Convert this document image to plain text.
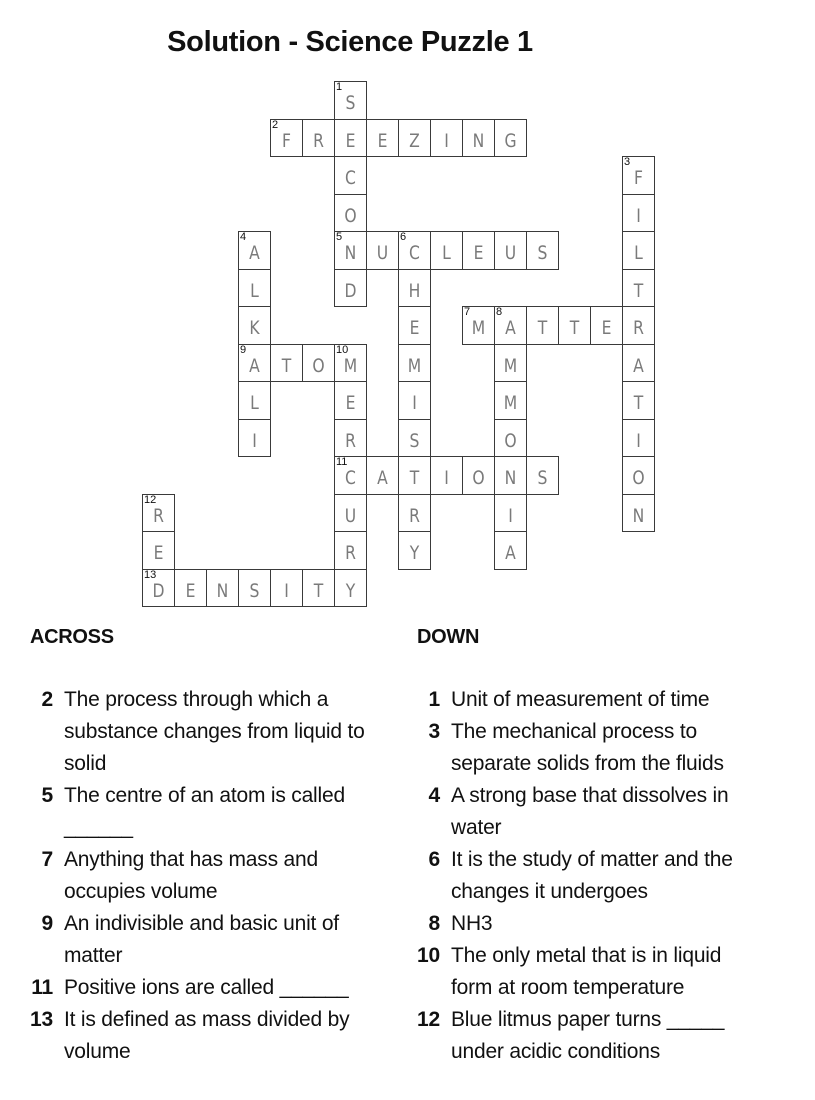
Solution - Science Puzzle 1
1
S
E
C
O
5
N
D
2
F	R	E	Z	I	N	G
3
F
I
L
T
R
A
T
I
O
N
4
A
L
K
9
A
L
I
U
6
C	L	E	U	S
H
E
M
I
S
T
R
Y
7
M
8
A	T	T	E
M
M
O
N
I
A
T	O
10
M
E
R
11
C
U
R
Y
A	I	O	S
12
R
E
13
D	E	N	S	I	T
ACROSS	DOWN
2 The process through which a
substance changes from liquid to
solid
5 The centre of an atom is called
______
7 Anything that has mass and
occupies volume
9 An indivisible and basic unit of
matter
11 Positive ions are called ______
13 It is defined as mass divided by
volume
1 Unit of measurement of time
3 The mechanical process to
separate solids from the fluids
4 A strong base that dissolves in
water
6 It is the study of matter and the
changes it undergoes
8 NH3
10 The only metal that is in liquid
form at room temperature
12 Blue litmus paper turns _____
under acidic conditions
